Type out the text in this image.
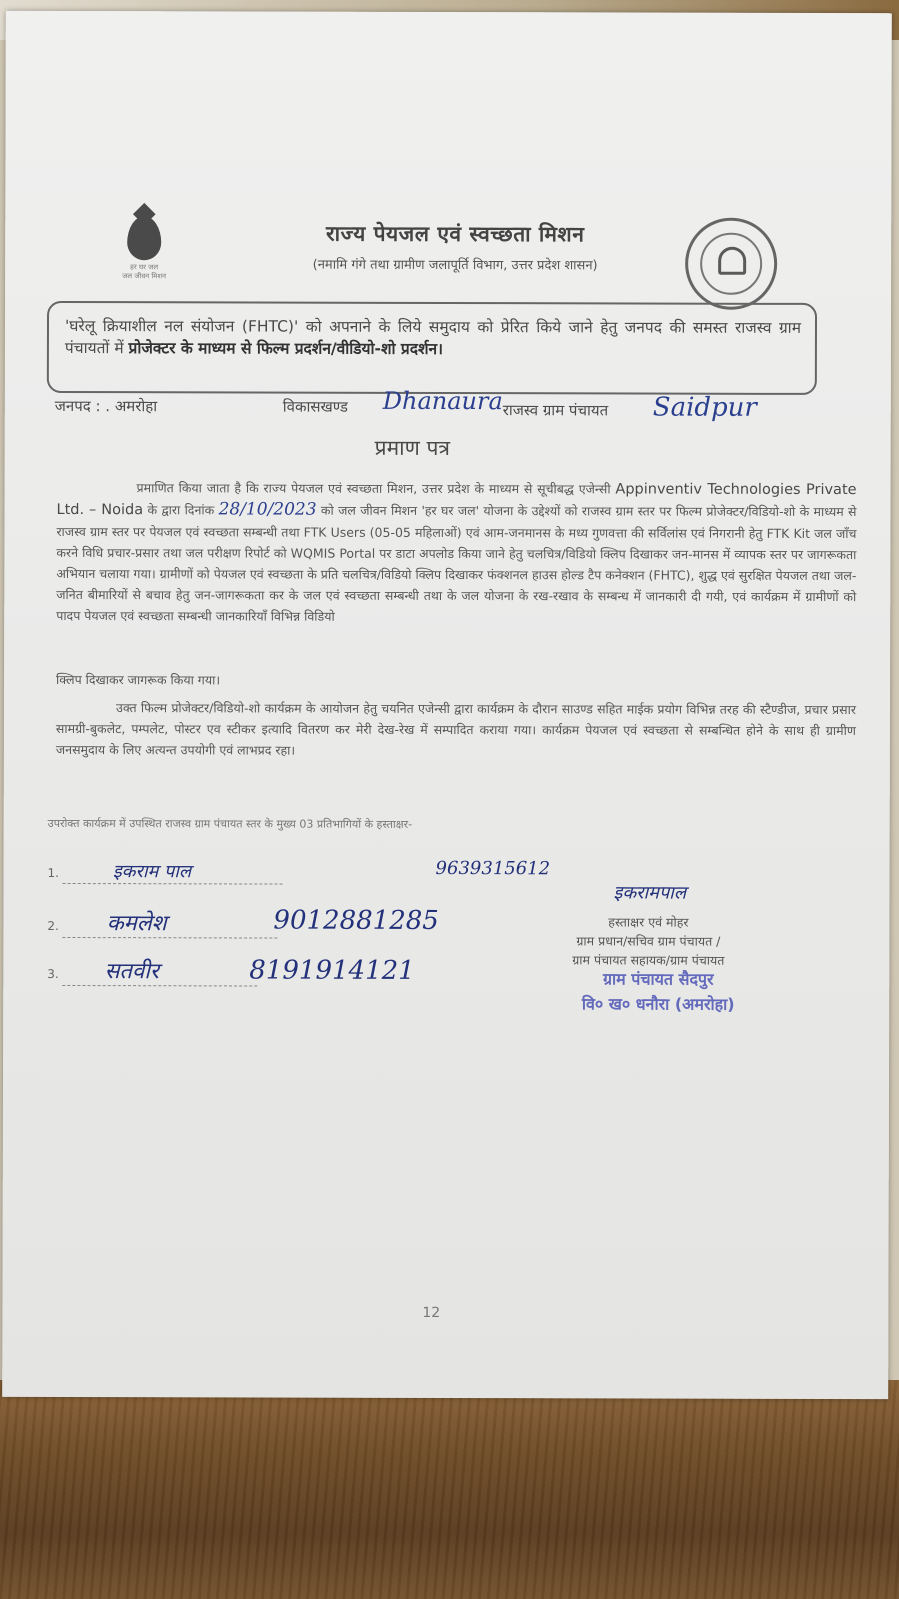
हर घर जल
जल जीवन मिशन
राज्य पेयजल एवं स्वच्छता मिशन
(नमामि गंगे तथा ग्रामीण जलापूर्ति विभाग, उत्तर प्रदेश शासन)
'घरेलू क्रियाशील नल संयोजन (FHTC)' को अपनाने के लिये समुदाय को प्रेरित किये जाने हेतु जनपद की समस्त राजस्व ग्राम पंचायतों में प्रोजेक्टर के माध्यम से फिल्म प्रदर्शन/वीडियो-शो प्रदर्शन।
जनपद : . अमरोहा	विकासखण्ड Dhanaura राजस्व ग्राम पंचायत Saidpur
प्रमाण पत्र
प्रमाणित किया जाता है कि राज्य पेयजल एवं स्वच्छता मिशन, उत्तर प्रदेश के माध्यम से सूचीबद्ध एजेन्सी Appinventiv Technologies Private Ltd. – Noida के द्वारा दिनांक 28/10/2023 को जल जीवन मिशन 'हर घर जल' योजना के उद्देश्यों को राजस्व ग्राम स्तर पर फिल्म प्रोजेक्टर/विडियो-शो के माध्यम से राजस्व ग्राम स्तर पर पेयजल एवं स्वच्छता सम्बन्धी तथा FTK Users (05-05 महिलाओं) एवं आम-जनमानस के मध्य गुणवत्ता की सर्विलांस एवं निगरानी हेतु FTK Kit जल जाँच करने विधि प्रचार-प्रसार तथा जल परीक्षण रिपोर्ट को WQMIS Portal पर डाटा अपलोड किया जाने हेतु चलचित्र/विडियो क्लिप दिखाकर जन-मानस में व्यापक स्तर पर जागरूकता अभियान चलाया गया। ग्रामीणों को पेयजल एवं स्वच्छता के प्रति चलचित्र/विडियो क्लिप दिखाकर फंक्शनल हाउस होल्ड टैप कनेक्शन (FHTC), शुद्ध एवं सुरक्षित पेयजल तथा जल-जनित बीमारियों से बचाव हेतु जन-जागरूकता कर के जल एवं स्वच्छता सम्बन्धी तथा के जल योजना के रख-रखाव के सम्बन्ध में जानकारी दी गयी, एवं कार्यक्रम में ग्रामीणों को पादप पेयजल एवं स्वच्छता सम्बन्धी जानकारियाँ विभिन्न विडियो
क्लिप दिखाकर जागरूक किया गया।
उक्त फिल्म प्रोजेक्टर/विडियो-शो कार्यक्रम के आयोजन हेतु चयनित एजेन्सी द्वारा कार्यक्रम के दौरान साउण्ड सहित माईक प्रयोग विभिन्न तरह की स्टैण्डीज, प्रचार प्रसार सामग्री-बुकलेट, पम्पलेट, पोस्टर एव स्टीकर इत्यादि वितरण कर मेरी देख-रेख में सम्पादित कराया गया। कार्यक्रम पेयजल एवं स्वच्छता से सम्बन्धित होने के साथ ही ग्रामीण जनसमुदाय के लिए अत्यन्त उपयोगी एवं लाभप्रद रहा।
उपरोक्त कार्यक्रम में उपस्थित राजस्व ग्राम पंचायत स्तर के मुख्य 03 प्रतिभागियों के हस्ताक्षर-
1.	इकराम पाल	9639315612
2. कमलेश	9012881285
3. सतवीर	8191914121
इकरामपाल
हस्ताक्षर एवं मोहर
ग्राम प्रधान/सचिव ग्राम पंचायत /
ग्राम पंचायत सहायक/ग्राम पंचायत
ग्राम पंचायत सैदपुर
वि० ख० धनौरा (अमरोहा)
12
